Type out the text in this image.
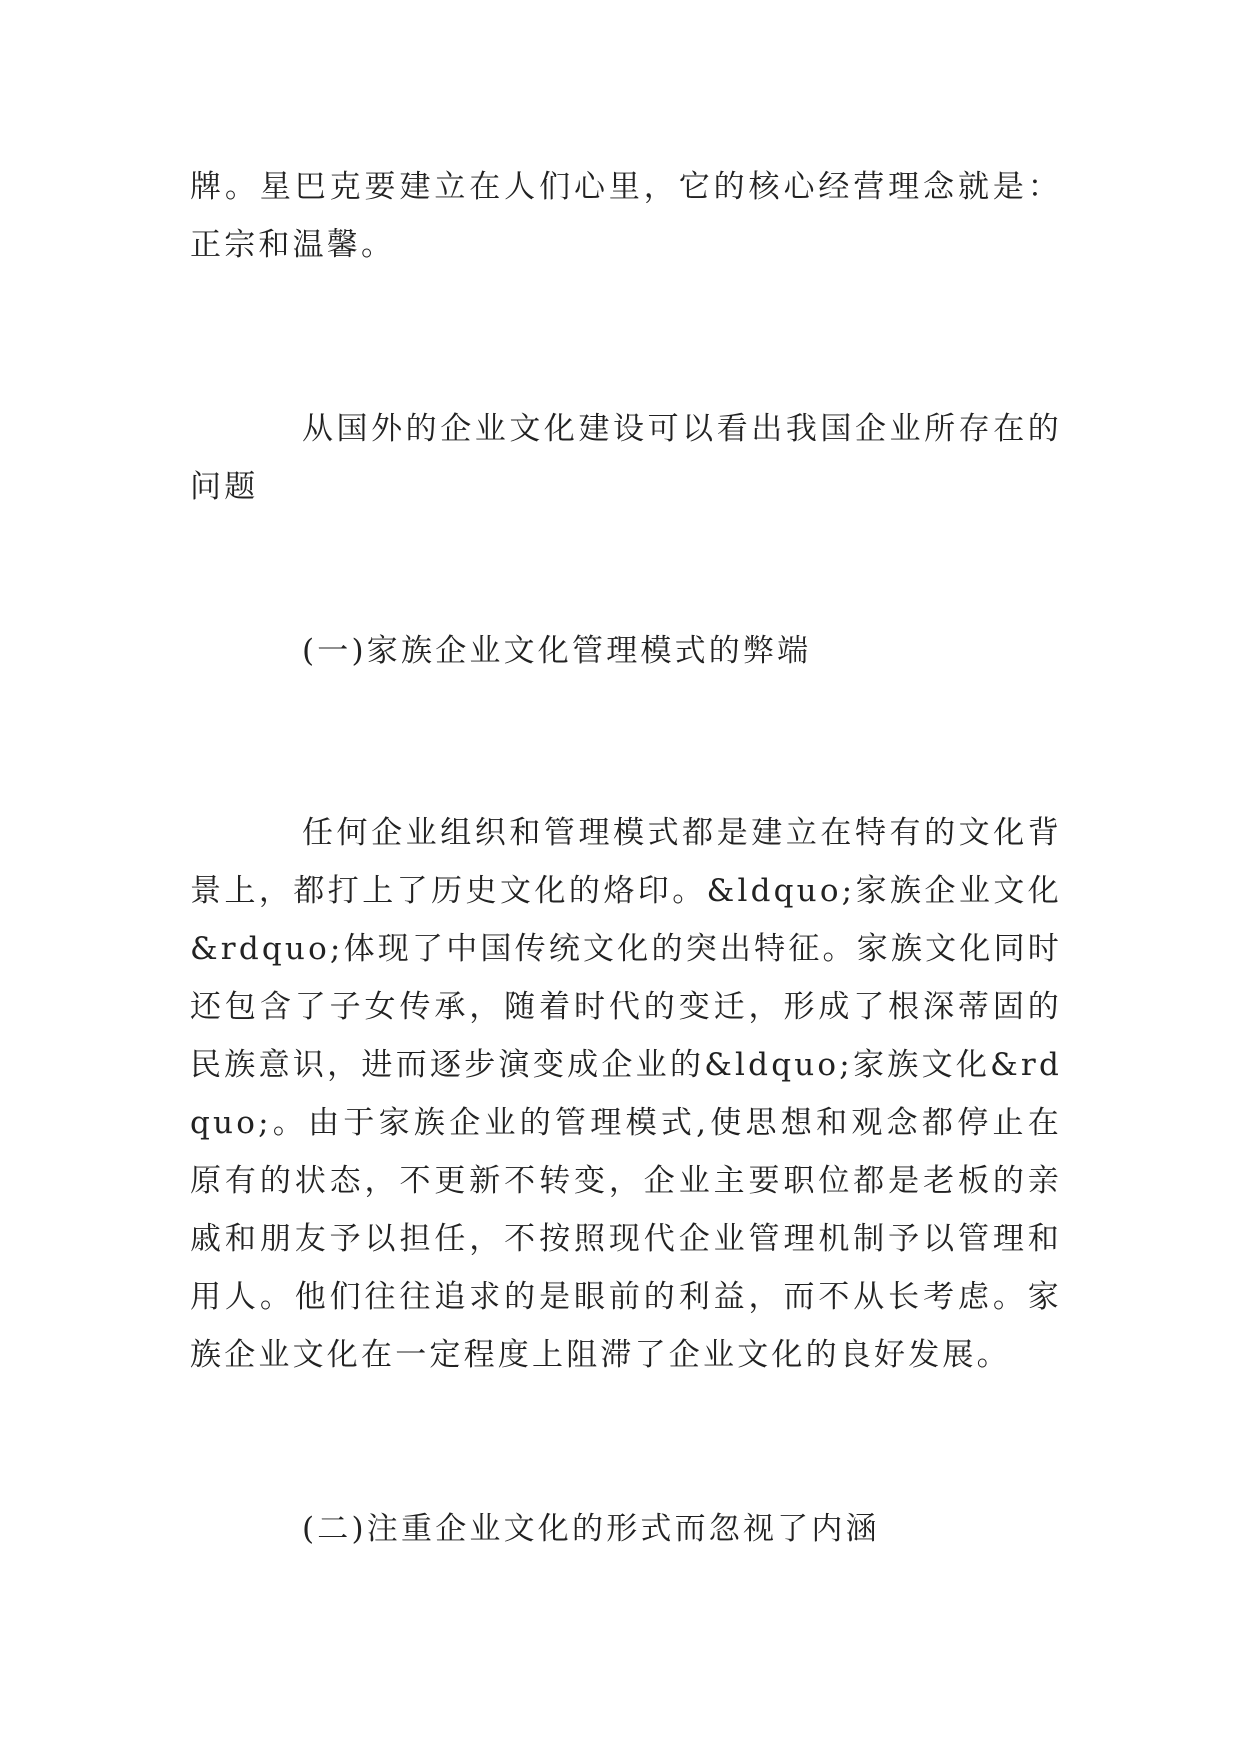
牌。星巴克要建立在人们心里，它的核心经营理念就是：正宗和温馨。

从国外的企业文化建设可以看出我国企业所存在的问题

(一)家族企业文化管理模式的弊端

任何企业组织和管理模式都是建立在特有的文化背景上，都打上了历史文化的烙印。&ldquo;家族企业文化&rdquo;体现了中国传统文化的突出特征。家族文化同时还包含了子女传承，随着时代的变迁，形成了根深蒂固的民族意识，进而逐步演变成企业的&ldquo;家族文化&rdquo;。由于家族企业的管理模式,使思想和观念都停止在原有的状态，不更新不转变，企业主要职位都是老板的亲戚和朋友予以担任，不按照现代企业管理机制予以管理和用人。他们往往追求的是眼前的利益，而不从长考虑。家族企业文化在一定程度上阻滞了企业文化的良好发展。

(二)注重企业文化的形式而忽视了内涵
